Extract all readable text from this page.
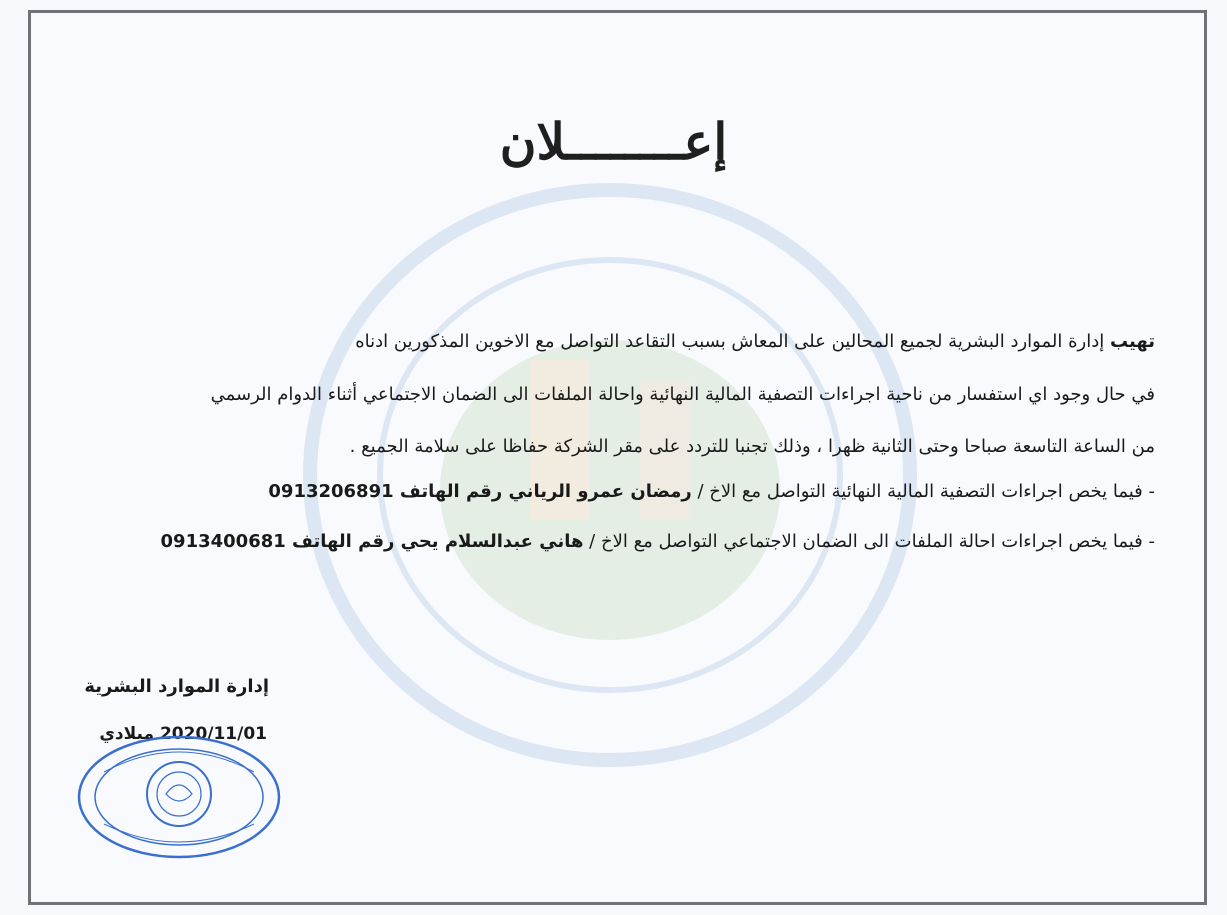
إعــــــــلان
تهيب إدارة الموارد البشرية لجميع المحالين على المعاش بسبب التقاعد التواصل مع الاخوين المذكورين ادناه
في حال وجود اي استفسار من ناحية اجراءات التصفية المالية النهائية واحالة الملفات الى الضمان الاجتماعي أثناء الدوام الرسمي
من الساعة التاسعة صباحا وحتى الثانية ظهرا ، وذلك تجنبا للتردد على مقر الشركة حفاظا على سلامة الجميع .
- فيما يخص اجراءات التصفية المالية النهائية التواصل مع الاخ / رمضان عمرو الرياني رقم الهاتف 0913206891
- فيما يخص اجراءات احالة الملفات الى الضمان الاجتماعي التواصل مع الاخ / هاني عبدالسلام يحي رقم الهاتف 0913400681
إدارة الموارد البشرية
2020/11/01 ميلادي
